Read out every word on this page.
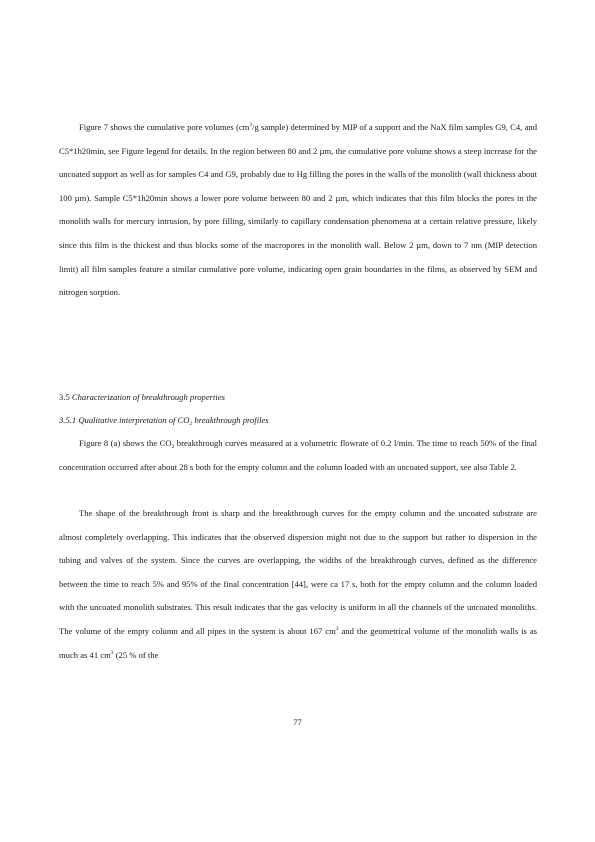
Figure 7 shows the cumulative pore volumes ($cm^3/g$ sample) determined by MIP of a support and the NaX film samples G9, C4, and C5*1h20min, see Figure legend for details. In the region between 80 and 2 µm, the cumulative pore volume shows a steep increase for the uncoated support as well as for samples C4 and G9, probably due to Hg filling the pores in the walls of the monolith (wall thickness about 100 µm). Sample C5*1h20min shows a lower pore volume between 80 and 2 µm, which indicates that this film blocks the pores in the monolith walls for mercury intrusion, by pore filling, similarly to capillary condensation phenomena at a certain relative pressure, likely since this film is the thickest and thus blocks some of the macropores in the monolith wall. Below 2 µm, down to 7 nm (MIP detection limit) all film samples feature a similar cumulative pore volume, indicating open grain boundaries in the films, as observed by SEM and nitrogen sorption.

3.5 Characterization of breakthrough properties
3.5.1 Qualitative interpretation of $CO_2$ breakthrough profiles

Figure 8 (a) shows the $CO_2$ breakthrough curves measured at a volumetric flowrate of 0.2 l/min. The time to reach 50% of the final concentration occurred after about 28 s both for the empty column and the column loaded with an uncoated support, see also Table 2.

The shape of the breakthrough front is sharp and the breakthrough curves for the empty column and the uncoated substrate are almost completely overlapping. This indicates that the observed dispersion might not due to the support but rather to dispersion in the tubing and valves of the system. Since the curves are overlapping, the widths of the breakthrough curves, defined as the difference between the time to reach 5% and 95% of the final concentration [44], were ca 17 s, both for the empty column and the column loaded with the uncoated monolith substrates. This result indicates that the gas velocity is uniform in all the channels of the uncoated monoliths. The volume of the empty column and all pipes in the system is about 167 $cm^3$ and the geometrical volume of the monolith walls is as much as 41 $cm^3$ (25 % of the

77
